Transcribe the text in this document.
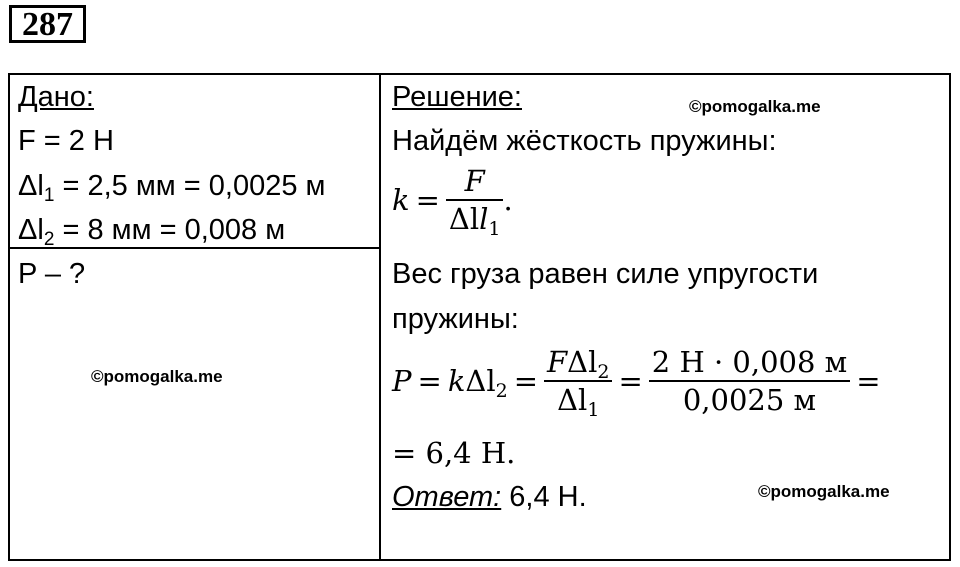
287
Дано:
F = 2 Н
$\Delta l_1 = 2,5$ мм = 0,0025 м
$\Delta l_2 = 8$ мм = 0,008 м
P – ?
©pomogalka.me
Решение:	©pomogalka.me
Найдём жёсткость пружины:
$k = \frac{F}{\Delta ll_1}$ .
Вес груза равен силе упругости
пружины:
$P = k\Delta l_2 = \frac{F\Delta l_2}{\Delta l_1} = \frac{2 Н \cdot 0,008 м}{0,0025 м}$ =
= 6,4 Н.
Ответ: 6,4 Н.	©pomogalka.me
